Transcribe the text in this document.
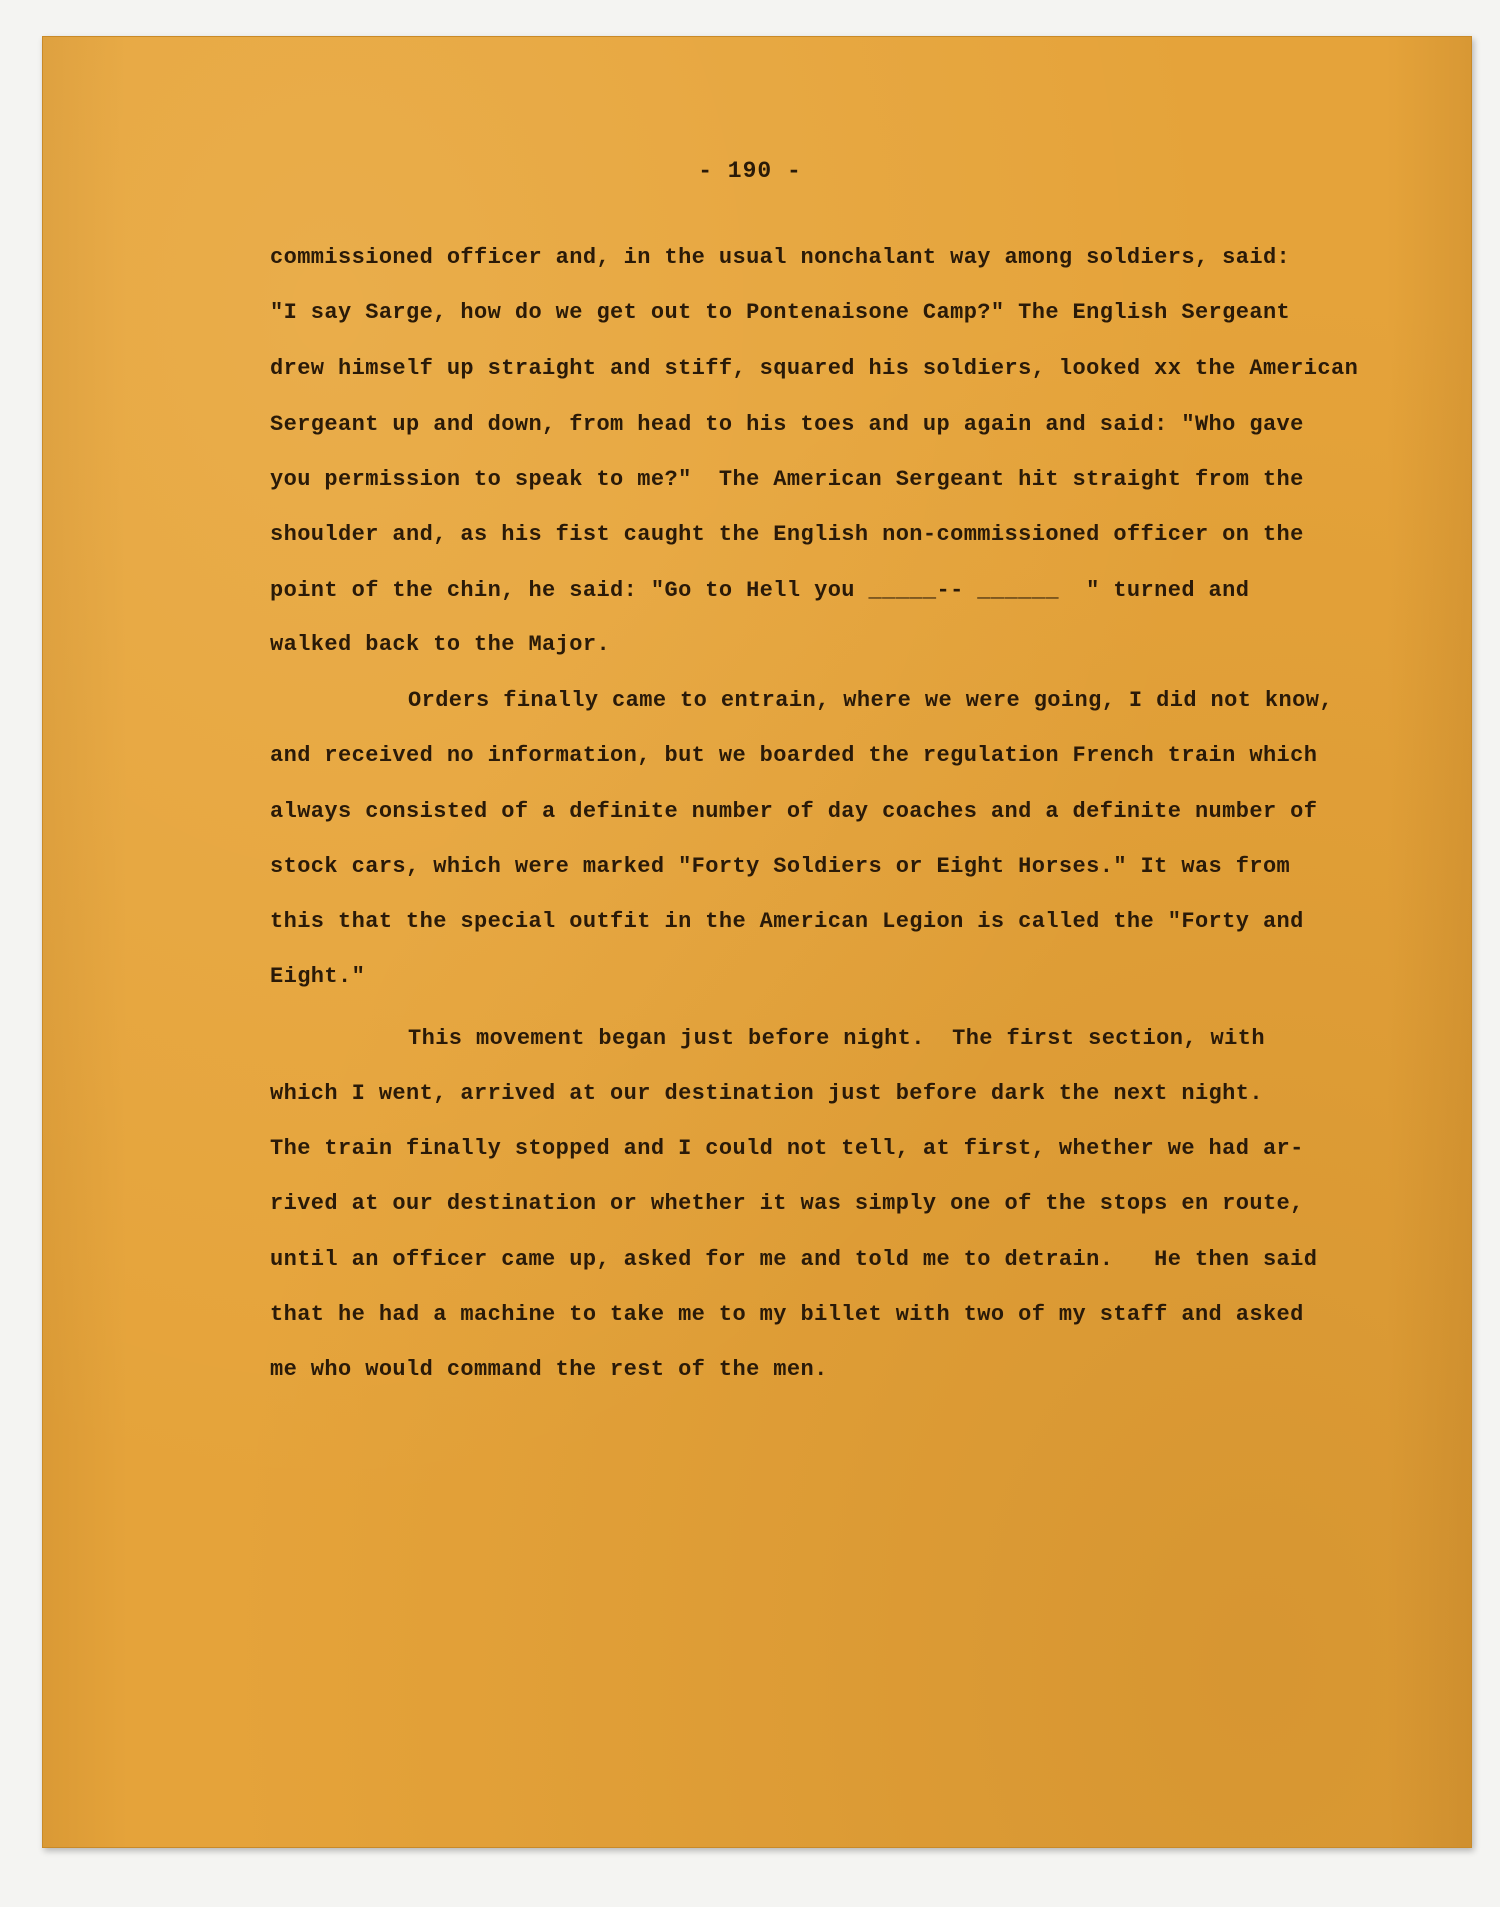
- 190 -
commissioned officer and, in the usual nonchalant way among soldiers, said:
"I say Sarge, how do we get out to Pontenaisone Camp?" The English Sergeant
drew himself up straight and stiff, squared his soldiers, looked xx the American
Sergeant up and down, from head to his toes and up again and said: "Who gave
you permission to speak to me?"  The American Sergeant hit straight from the
shoulder and, as his fist caught the English non-commissioned officer on the
point of the chin, he said: "Go to Hell you _____-- ______  " turned and
walked back to the Major.
Orders finally came to entrain, where we were going, I did not know,
and received no information, but we boarded the regulation French train which
always consisted of a definite number of day coaches and a definite number of
stock cars, which were marked "Forty Soldiers or Eight Horses." It was from
this that the special outfit in the American Legion is called the "Forty and
Eight."
This movement began just before night.  The first section, with
which I went, arrived at our destination just before dark the next night.
The train finally stopped and I could not tell, at first, whether we had ar-
rived at our destination or whether it was simply one of the stops en route,
until an officer came up, asked for me and told me to detrain.   He then said
that he had a machine to take me to my billet with two of my staff and asked
me who would command the rest of the men.
